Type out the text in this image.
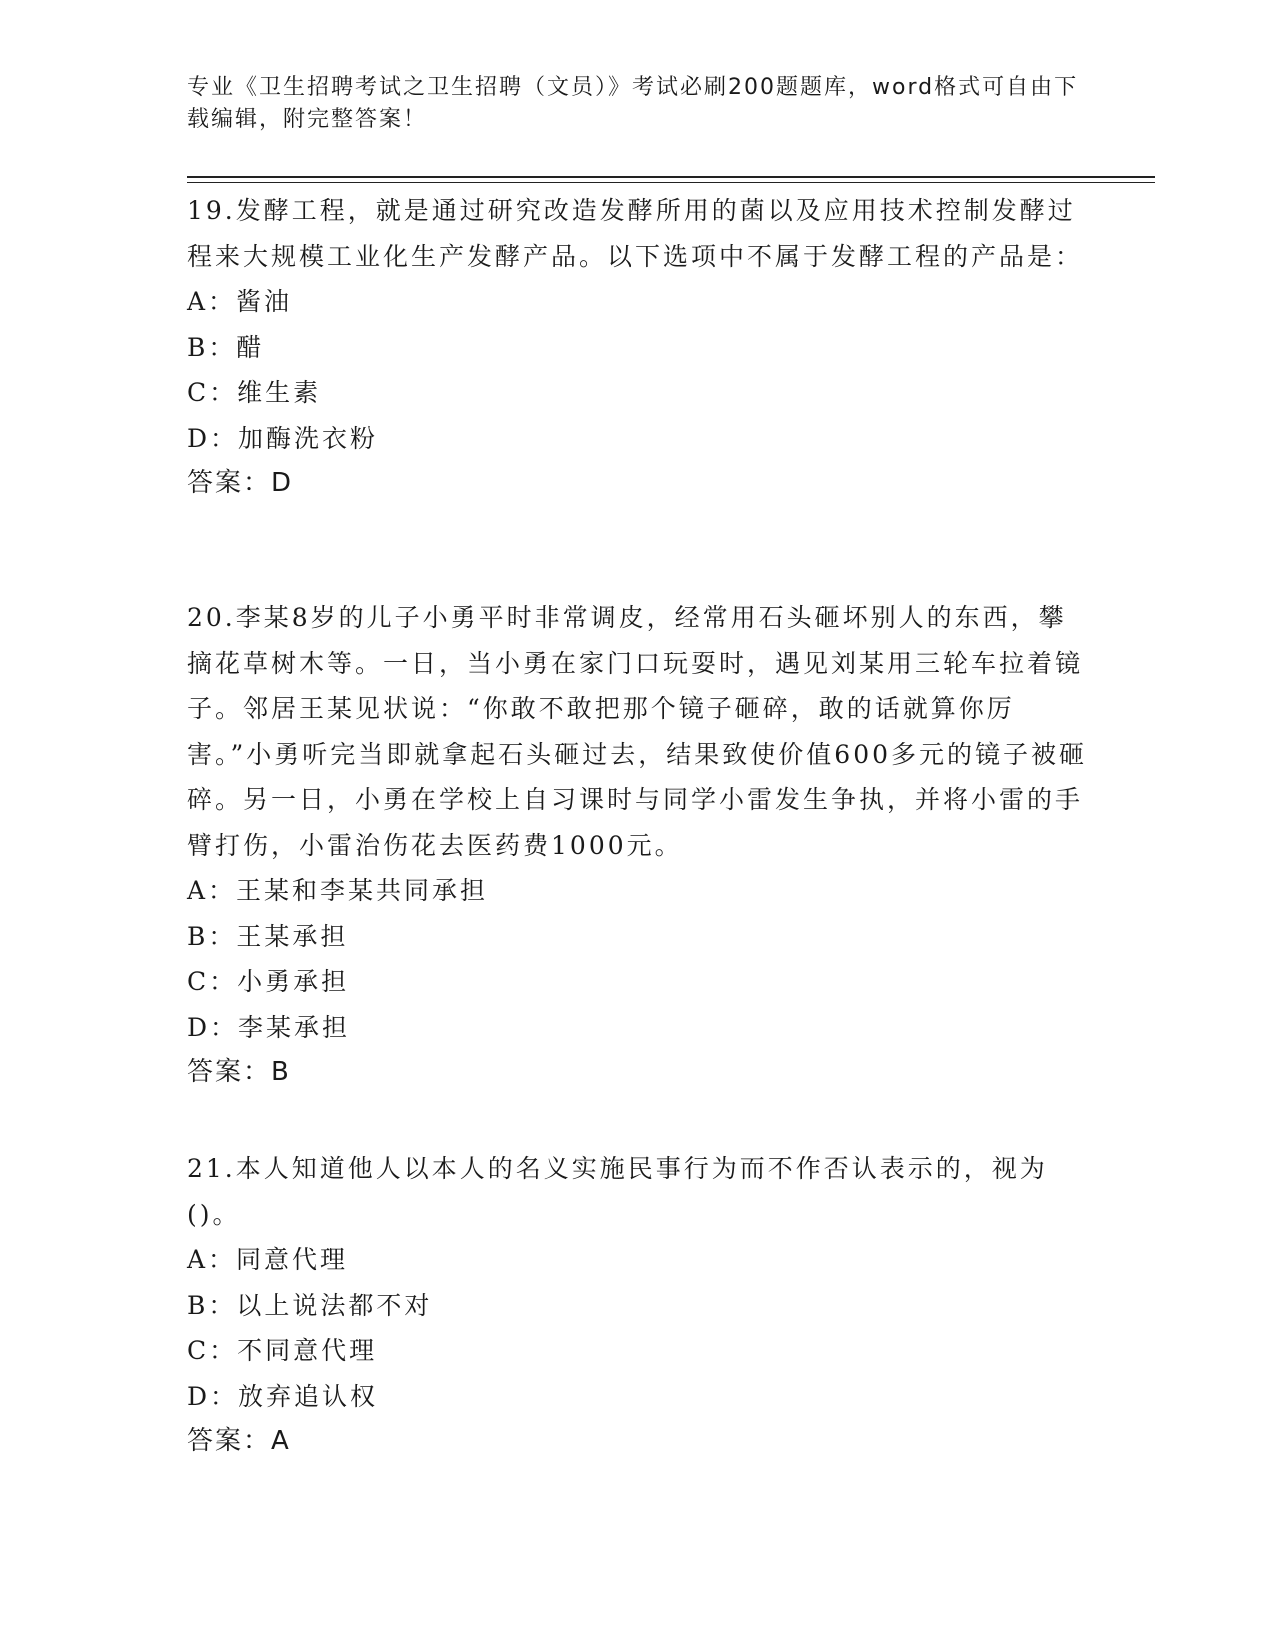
专业《卫生招聘考试之卫生招聘（文员）》考试必刷200题题库，word格式可自由下载编辑，附完整答案！

19.发酵工程，就是通过研究改造发酵所用的菌以及应用技术控制发酵过程来大规模工业化生产发酵产品。以下选项中不属于发酵工程的产品是：

A：酱油

B：醋

C：维生素

D：加酶洗衣粉

答案：D

20.李某8岁的儿子小勇平时非常调皮，经常用石头砸坏别人的东西，攀摘花草树木等。一日，当小勇在家门口玩耍时，遇见刘某用三轮车拉着镜子。邻居王某见状说：“你敢不敢把那个镜子砸碎，敢的话就算你厉害。”小勇听完当即就拿起石头砸过去，结果致使价值600多元的镜子被砸碎。另一日，小勇在学校上自习课时与同学小雷发生争执，并将小雷的手臂打伤，小雷治伤花去医药费1000元。

A：王某和李某共同承担

B：王某承担

C：小勇承担

D：李某承担

答案：B

21.本人知道他人以本人的名义实施民事行为而不作否认表示的，视为()。

A：同意代理

B：以上说法都不对

C：不同意代理

D：放弃追认权

答案：A
